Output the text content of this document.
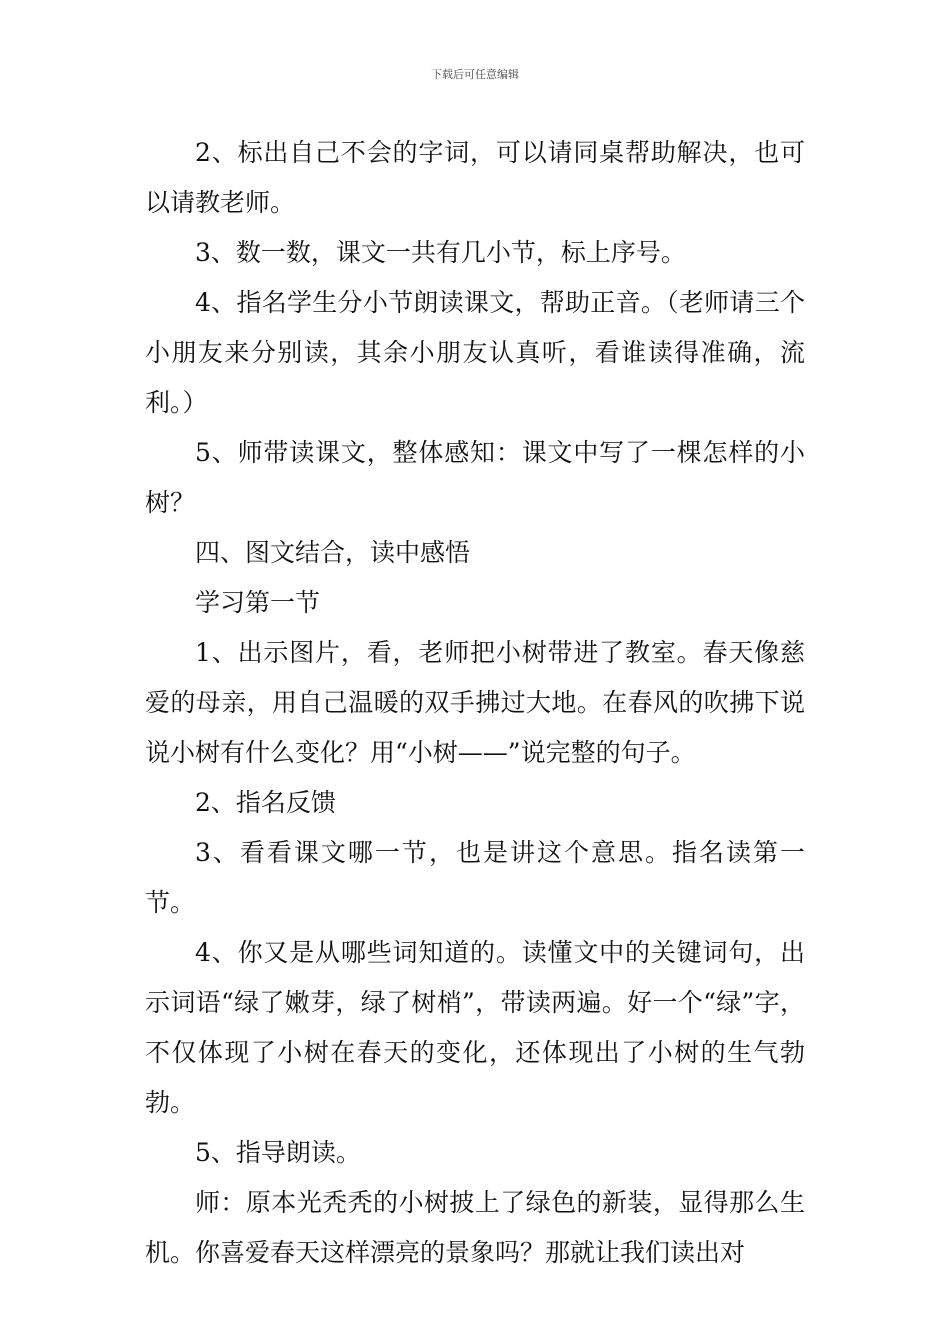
下载后可任意编辑

2、标出自己不会的字词，可以请同桌帮助解决，也可以请教老师。

3、数一数，课文一共有几小节，标上序号。

4、指名学生分小节朗读课文，帮助正音。（老师请三个小朋友来分别读，其余小朋友认真听，看谁读得准确，流利。）

5、师带读课文，整体感知：课文中写了一棵怎样的小树？

四、图文结合，读中感悟

学习第一节

1、出示图片，看，老师把小树带进了教室。春天像慈爱的母亲，用自己温暖的双手拂过大地。在春风的吹拂下说说小树有什么变化？用“小树——”说完整的句子。

2、指名反馈

3、看看课文哪一节，也是讲这个意思。指名读第一节。

4、你又是从哪些词知道的。读懂文中的关键词句，出示词语“绿了嫩芽，绿了树梢”，带读两遍。好一个“绿”字，不仅体现了小树在春天的变化，还体现出了小树的生气勃勃。

5、指导朗读。

师：原本光秃秃的小树披上了绿色的新装，显得那么生机。你喜爱春天这样漂亮的景象吗？那就让我们读出对
